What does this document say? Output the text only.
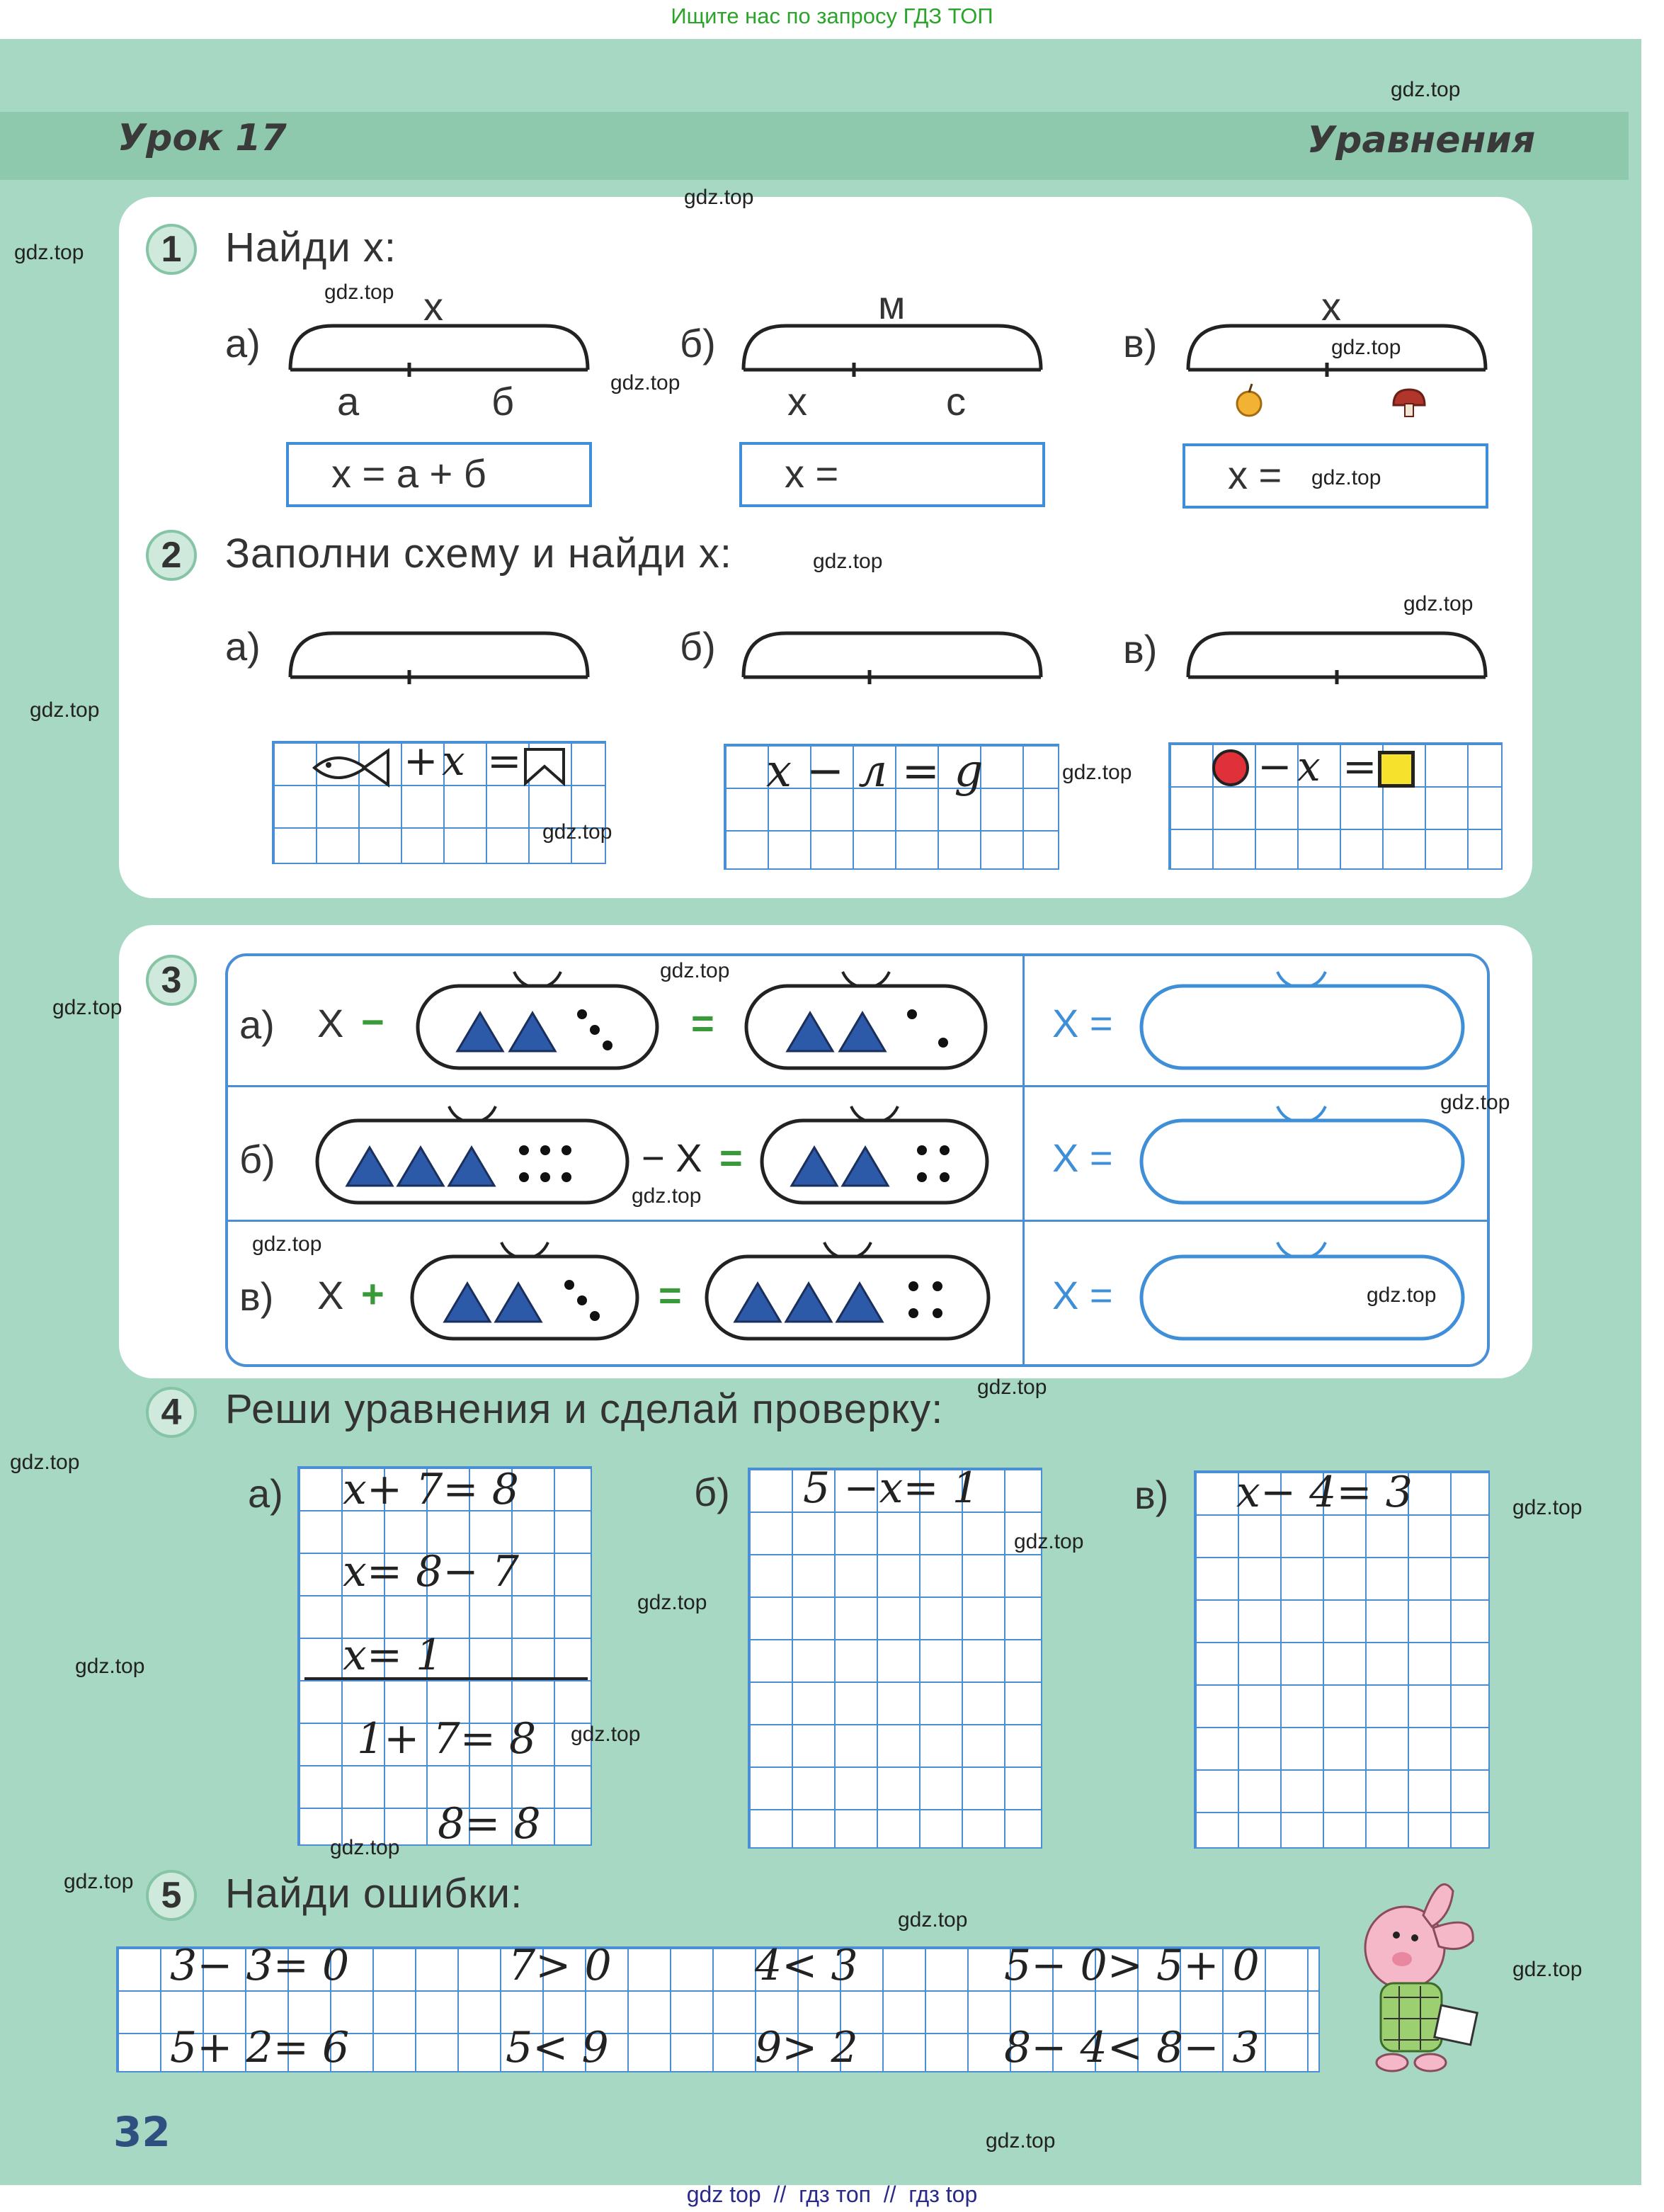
Ищите нас по запросу ГДЗ ТОП
Урок 17	Уравнения
1	Найди x:
а)
x
а	б
x = а + б
б)
м
x	с
x =
в)
x
x =
2	Заполни схему и найди x:
а)	б)	в)
+ x =	x − л = g	− x =
3
а) X −	=	X =
б)	− X =	X =
в) X +	=	X =
4	Реши уравнения и сделай проверку:
а) x+ 7= 8
x= 8− 7
x= 1
1+ 7= 8
8= 8
б) 5 −x= 1	в) x− 4= 3
5	Найди ошибки:
3− 3= 0	7> 0	4< 3	5− 0> 5+ 0
5+ 2= 6	5< 9	9> 2	8− 4< 8− 3
32
gdz.top
gdz.top
gdz.top
gdz.top
gdz.top
gdz.top
gdz.top
gdz.top
gdz.top
gdz.top
gdz.top
gdz.top
gdz.top
gdz.top
gdz.top
gdz.top
gdz.top
gdz.top
gdz.top
gdz.top
gdz.top
gdz.top
gdz.top
gdz.top
gdz.top
gdz.top
gdz.top
gdz.top
gdz.top
gdz.top
gdz top  //  гдз топ  //  гдз top
